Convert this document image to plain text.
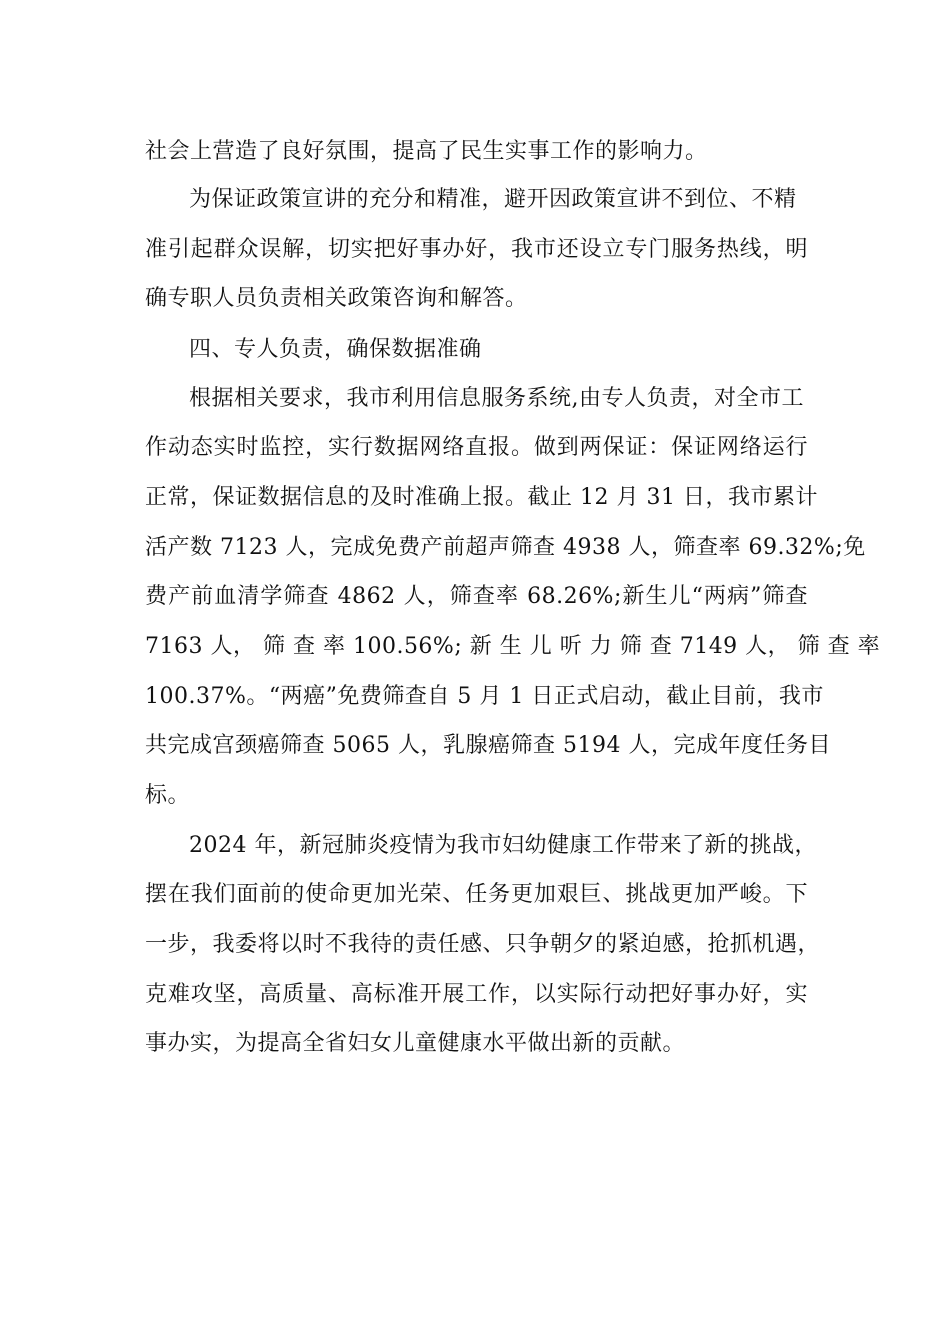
社会上营造了良好氛围，提高了民生实事工作的影响力。
为保证政策宣讲的充分和精准，避开因政策宣讲不到位、不精
准引起群众误解，切实把好事办好，我市还设立专门服务热线，明
确专职人员负责相关政策咨询和解答。
四、专人负责，确保数据准确
根据相关要求，我市利用信息服务系统,由专人负责，对全市工
作动态实时监控，实行数据网络直报。做到两保证：保证网络运行
正常，保证数据信息的及时准确上报。截止 12 月 31 日，我市累计
活产数 7123 人，完成免费产前超声筛查 4938 人，筛查率 69.32%;免
费产前血清学筛查 4862 人，筛查率 68.26%;新生儿“两病”筛查
7163 人， 筛 查 率 100.56%; 新 生 儿 听 力 筛 查 7149 人， 筛 查 率
100.37%。“两癌”免费筛查自 5 月 1 日正式启动，截止目前，我市
共完成宫颈癌筛查 5065 人，乳腺癌筛查 5194 人，完成年度任务目
标。
2024 年，新冠肺炎疫情为我市妇幼健康工作带来了新的挑战，
摆在我们面前的使命更加光荣、任务更加艰巨、挑战更加严峻。下
一步，我委将以时不我待的责任感、只争朝夕的紧迫感，抢抓机遇，
克难攻坚，高质量、高标准开展工作，以实际行动把好事办好，实
事办实，为提高全省妇女儿童健康水平做出新的贡献。
